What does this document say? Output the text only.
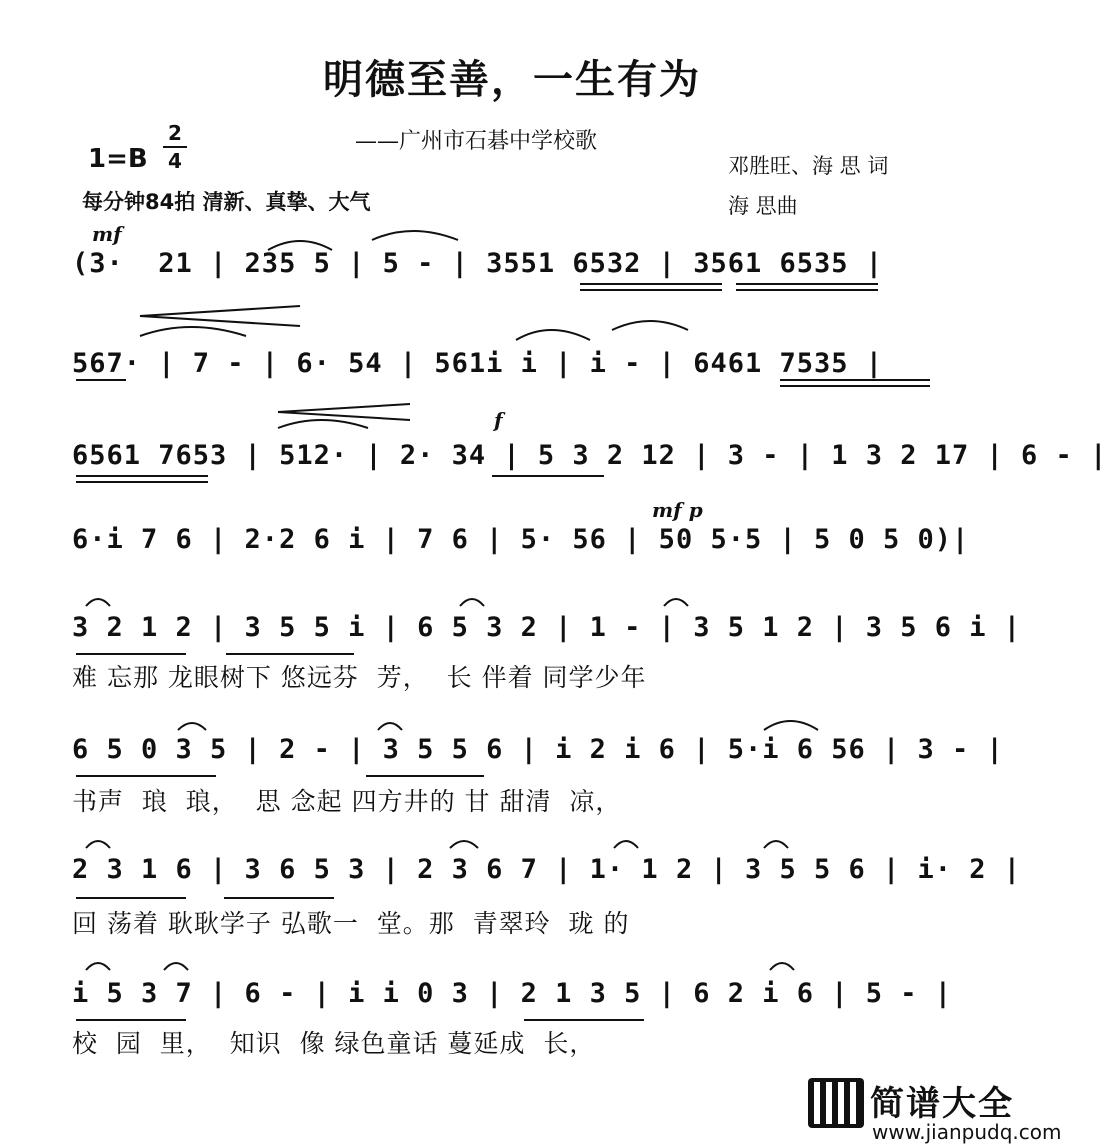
明德至善，一生有为
——广州市石碁中学校歌
1=B
2
4
每分钟84拍 清新、真挚、大气
邓胜旺、海 思 词
海 思曲
mf
(3·  21 | 235 5 | 5 - | 3551 6532 | 3561 6535 |
567· | 7 - | 6· 54 | 561i i | i - | 6461 7535 |
f
6561 7653 | 512· | 2· 34 | 5 3 2 12 | 3 - | 1 3 2 17 | 6 - |
mf p
6·i 7 6 | 2·2 6 i | 7 6 | 5· 56 | 50 5·5 | 5 0 5 0)|
3 2 1 2 | 3 5 5 i | 6 5 3 2 | 1 - | 3 5 1 2 | 3 5 6 i |
难 忘那 龙眼树下 悠远芬  芳，  长 伴着 同学少年
6 5 0 3 5 | 2 - | 3 5 5 6 | i 2 i 6 | 5·i 6 56 | 3 - |
书声  琅  琅，  思 念起 四方井的 甘 甜清  凉，
2 3 1 6 | 3 6 5 3 | 2 3 6 7 | 1· 1 2 | 3 5 5 6 | i· 2 |
回 荡着 耿耿学子 弘歌一  堂。那  青翠玲  珑 的
i 5 3 7 | 6 - | i i 0 3 | 2 1 3 5 | 6 2 i 6 | 5 - |
校  园  里，  知识  像 绿色童话 蔓延成  长，
简谱大全
www.jianpudq.com
